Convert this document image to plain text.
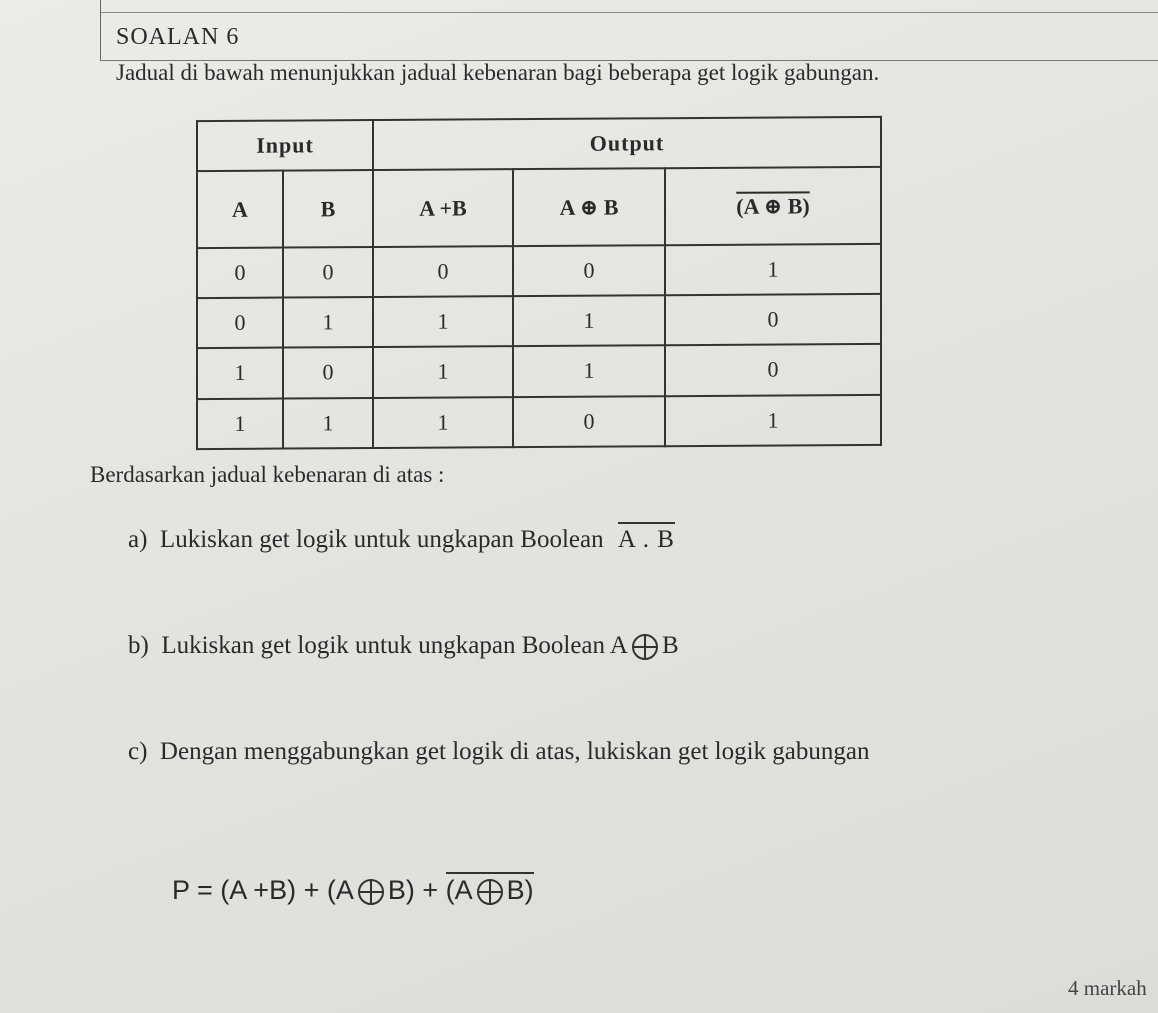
SOALAN 6
Jadual di bawah menunjukkan jadual kebenaran bagi beberapa get logik gabungan.
Input		Output		
A	B	A +B	A ⊕ B	(A ⊕ B)
0	0	0	0	1
0	1	1	1	0
1	0	1	1	0
1	1	1	0	1
Berdasarkan jadual kebenaran di atas :
a) Lukiskan get logik untuk ungkapan Boolean A . B
b) Lukiskan get logik untuk ungkapan Boolean A B
c) Dengan menggabungkan get logik di atas, lukiskan get logik gabungan
P = (A +B) + (A B) + (A B)
4 markah
